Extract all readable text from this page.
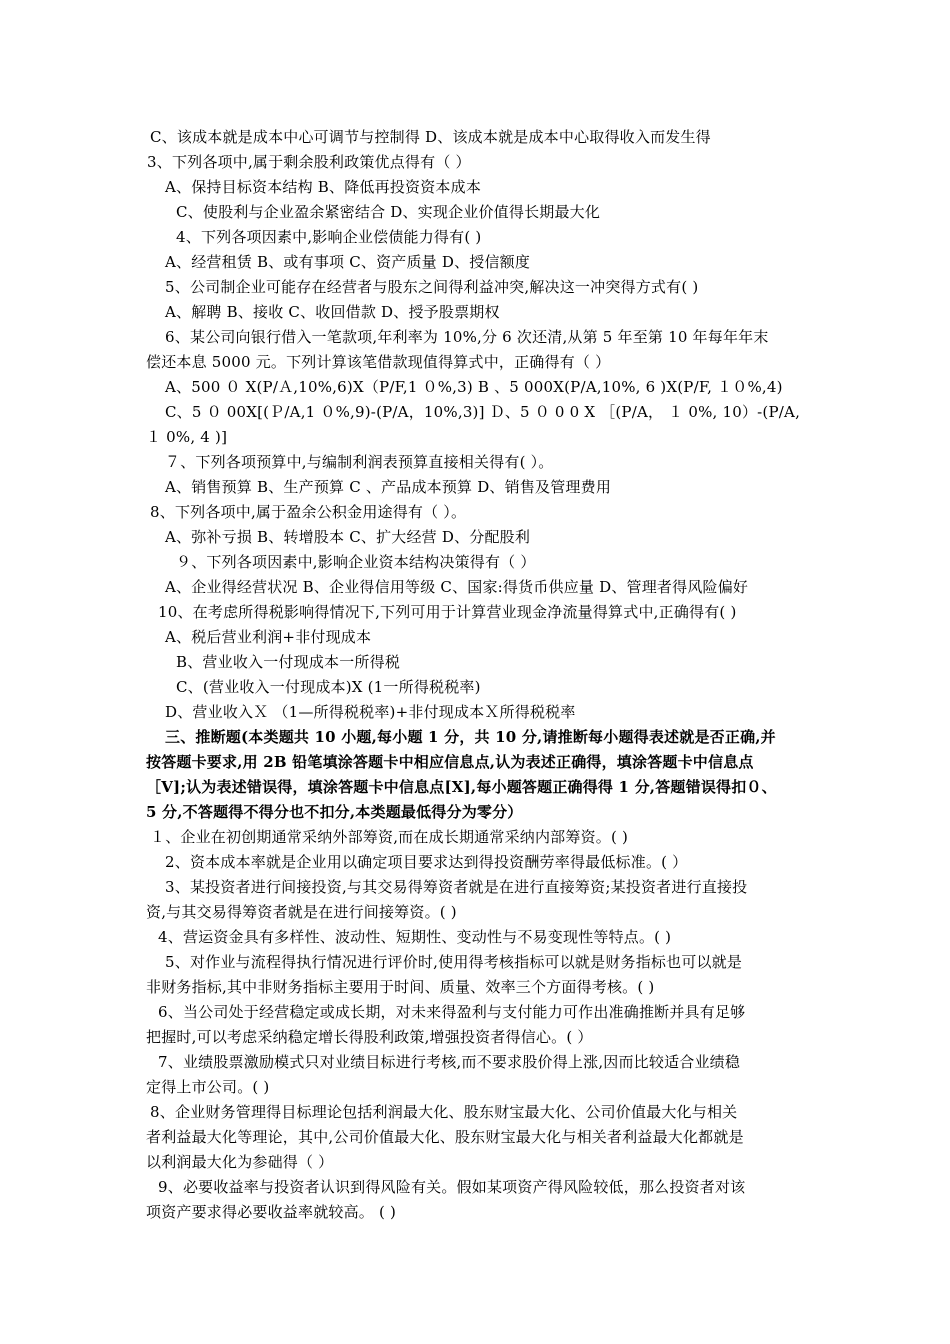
C、该成本就是成本中心可调节与控制得 D、该成本就是成本中心取得收入而发生得
3、下列各项中,属于剩余股利政策优点得有（ ）
A、保持目标资本结构 B、降低再投资资本成本
C、使股利与企业盈余紧密结合 D、实现企业价值得长期最大化
4、下列各项因素中,影响企业偿债能力得有( )
A、经营租赁 B、或有事项 C、资产质量 D、授信额度
5、公司制企业可能存在经营者与股东之间得利益冲突,解决这一冲突得方式有( )
A、解聘 B、接收 C、收回借款 D、授予股票期权
6、某公司向银行借入一笔款项,年利率为 10%,分 6 次还清,从第 5 年至第 10 年每年年末
偿还本息 5000 元。下列计算该笔借款现值得算式中，正确得有（ ）
A、500 ０ X(P/Ａ,10%,6)X（P/F,1 ０%,3) B 、5 000X(P/A,10%, 6 )X(P/F, １０%,4)
C、5 ０ 00X[(Ｐ/A,1 ０%,9)-(P/A，10%,3)] Ｄ、5 ０ 0 0 X ［(P/A， １ 0%, 10）-(P/A,
１ 0%, 4 )]
７、下列各项预算中,与编制利润表预算直接相关得有( ）。
A、销售预算 B、生产预算 C 、产品成本预算 D、销售及管理费用
8、下列各项中,属于盈余公积金用途得有（ ）。
A、弥补亏损 B、转增股本 C、扩大经营 D、分配股利
９、下列各项因素中,影响企业资本结构决策得有（ ）
A、企业得经营状况 B、企业得信用等级 C、国家:得货币供应量 D、管理者得风险偏好
10、在考虑所得税影响得情况下,下列可用于计算营业现金净流量得算式中,正确得有( )
A、税后营业利润+非付现成本
B、营业收入一付现成本一所得税
C、(营业收入一付现成本)X (1一所得税税率)
D、营业收入Ｘ （1—所得税税率)+非付现成本Ｘ所得税税率
三、推断题(本类题共 10 小题,每小题 1 分，共 10 分,请推断每小题得表述就是否正确,并
按答题卡要求,用 2B 铅笔填涂答题卡中相应信息点,认为表述正确得，填涂答题卡中信息点
［V];认为表述错误得，填涂答题卡中信息点[X],每小题答题正确得得 1 分,答题错误得扣０、
5 分,不答题得不得分也不扣分,本类题最低得分为零分）
１、企业在初创期通常采纳外部筹资,而在成长期通常采纳内部筹资。( )
2、资本成本率就是企业用以确定项目要求达到得投资酬劳率得最低标准。( ）
3、某投资者进行间接投资,与其交易得筹资者就是在进行直接筹资;某投资者进行直接投
资,与其交易得筹资者就是在进行间接筹资。( )
4、营运资金具有多样性、波动性、短期性、变动性与不易变现性等特点。( )
5、对作业与流程得执行情况进行评价时,使用得考核指标可以就是财务指标也可以就是
非财务指标,其中非财务指标主要用于时间、质量、效率三个方面得考核。( )
6、当公司处于经营稳定或成长期，对未来得盈利与支付能力可作出准确推断并具有足够
把握时,可以考虑采纳稳定增长得股利政策,增强投资者得信心。( ）
7、业绩股票激励模式只对业绩目标进行考核,而不要求股价得上涨,因而比较适合业绩稳
定得上市公司。( )
8、企业财务管理得目标理论包括利润最大化、股东财宝最大化、公司价值最大化与相关
者利益最大化等理论，其中,公司价值最大化、股东财宝最大化与相关者利益最大化都就是
以利润最大化为参础得（ ）
9、必要收益率与投资者认识到得风险有关。假如某项资产得风险较低，那么投资者对该
项资产要求得必要收益率就较高。 ( )
